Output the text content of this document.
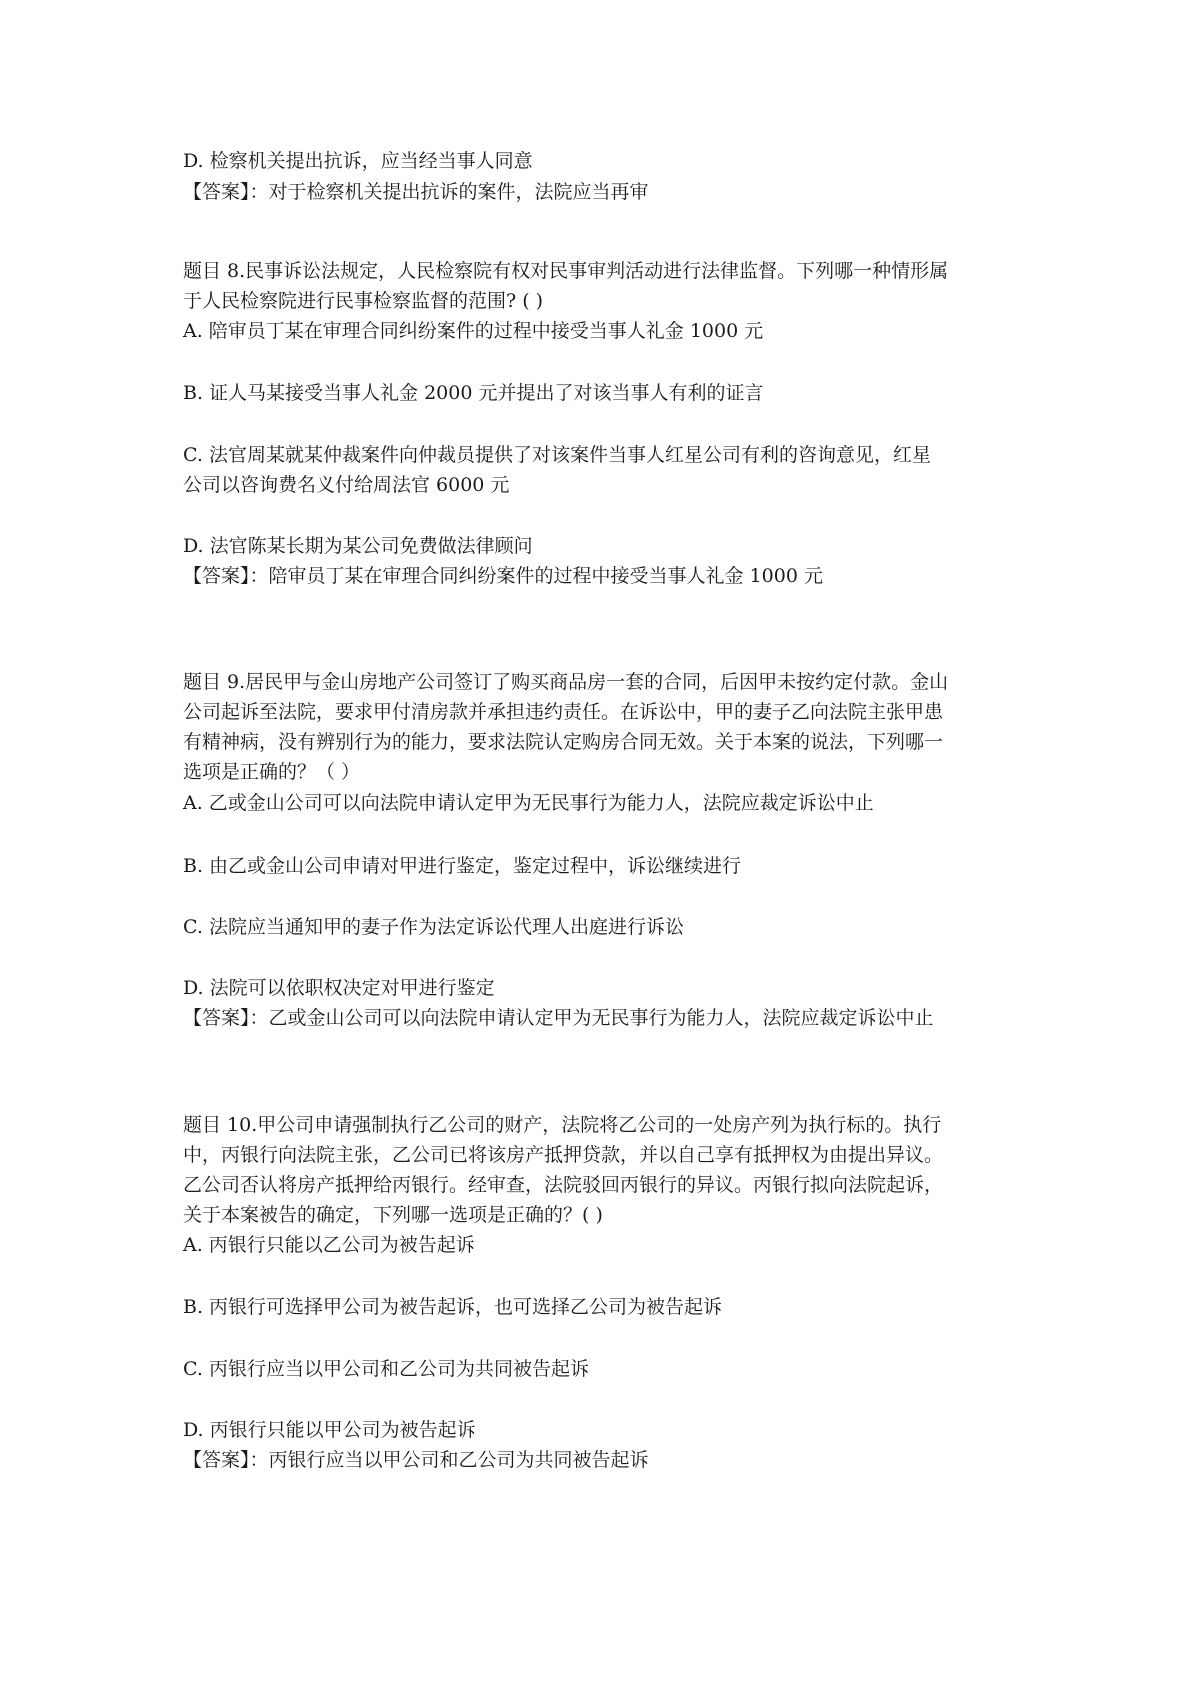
D. 检察机关提出抗诉，应当经当事人同意
【答案】：对于检察机关提出抗诉的案件，法院应当再审
题目 8.民事诉讼法规定，人民检察院有权对民事审判活动进行法律监督。下列哪一种情形属
于人民检察院进行民事检察监督的范围? ( )
A. 陪审员丁某在审理合同纠纷案件的过程中接受当事人礼金 1000 元
B. 证人马某接受当事人礼金 2000 元并提出了对该当事人有利的证言
C. 法官周某就某仲裁案件向仲裁员提供了对该案件当事人红星公司有利的咨询意见，红星
公司以咨询费名义付给周法官 6000 元
D. 法官陈某长期为某公司免费做法律顾问
【答案】：陪审员丁某在审理合同纠纷案件的过程中接受当事人礼金 1000 元
题目 9.居民甲与金山房地产公司签订了购买商品房一套的合同，后因甲未按约定付款。金山
公司起诉至法院，要求甲付清房款并承担违约责任。在诉讼中，甲的妻子乙向法院主张甲患
有精神病，没有辨别行为的能力，要求法院认定购房合同无效。关于本案的说法，下列哪一
选项是正确的？（ ）
A. 乙或金山公司可以向法院申请认定甲为无民事行为能力人，法院应裁定诉讼中止
B. 由乙或金山公司申请对甲进行鉴定，鉴定过程中，诉讼继续进行
C. 法院应当通知甲的妻子作为法定诉讼代理人出庭进行诉讼
D. 法院可以依职权决定对甲进行鉴定
【答案】：乙或金山公司可以向法院申请认定甲为无民事行为能力人，法院应裁定诉讼中止
题目 10.甲公司申请强制执行乙公司的财产，法院将乙公司的一处房产列为执行标的。执行
中，丙银行向法院主张，乙公司已将该房产抵押贷款，并以自己享有抵押权为由提出异议。
乙公司否认将房产抵押给丙银行。经审查，法院驳回丙银行的异议。丙银行拟向法院起诉，
关于本案被告的确定，下列哪一选项是正确的？( )
A. 丙银行只能以乙公司为被告起诉
B. 丙银行可选择甲公司为被告起诉，也可选择乙公司为被告起诉
C. 丙银行应当以甲公司和乙公司为共同被告起诉
D. 丙银行只能以甲公司为被告起诉
【答案】：丙银行应当以甲公司和乙公司为共同被告起诉
